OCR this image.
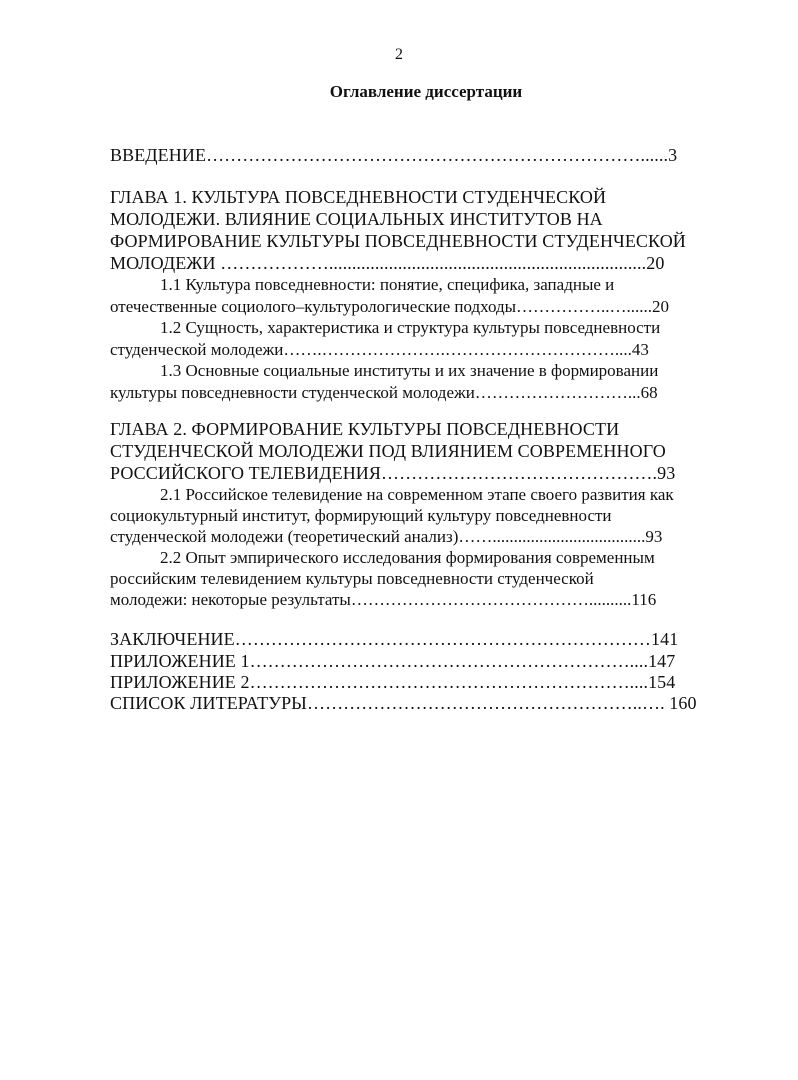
2
Оглавление диссертации
ВВЕДЕНИЕ………………………………………………………………......3
ГЛАВА 1. КУЛЬТУРА ПОВСЕДНЕВНОСТИ СТУДЕНЧЕСКОЙ
МОЛОДЕЖИ. ВЛИЯНИЕ СОЦИАЛЬНЫХ ИНСТИТУТОВ НА
ФОРМИРОВАНИЕ КУЛЬТУРЫ ПОВСЕДНЕВНОСТИ СТУДЕНЧЕСКОЙ
МОЛОДЕЖИ ……………….....................................................................20
1.1 Культура повседневности: понятие, специфика, западные и
отечественные социолого–культурологические подходы……………..…......20
1.2 Сущность, характеристика и структура культуры повседневности
студенческой молодежи…….………………….…………………………....43
1.3 Основные социальные институты и их значение в формировании
культуры повседневности студенческой молодежи………………………...68
ГЛАВА 2. ФОРМИРОВАНИЕ КУЛЬТУРЫ ПОВСЕДНЕВНОСТИ
СТУДЕНЧЕСКОЙ МОЛОДЕЖИ ПОД ВЛИЯНИЕМ СОВРЕМЕННОГО
РОССИЙСКОГО ТЕЛЕВИДЕНИЯ……………………………………….93
2.1 Российское телевидение на современном этапе своего развития как
социокультурный институт, формирующий культуру повседневности
студенческой молодежи (теоретический анализ)……....................................93
2.2 Опыт эмпирического исследования формирования современным
российским телевидением культуры повседневности студенческой
молодежи: некоторые результаты……………………………………..........116
ЗАКЛЮЧЕНИЕ……………………………………………………………141
ПРИЛОЖЕНИЕ 1………………………………………………………....147
ПРИЛОЖЕНИЕ 2………………………………………………………....154
СПИСОК ЛИТЕРАТУРЫ………………………………………………..…. 160
